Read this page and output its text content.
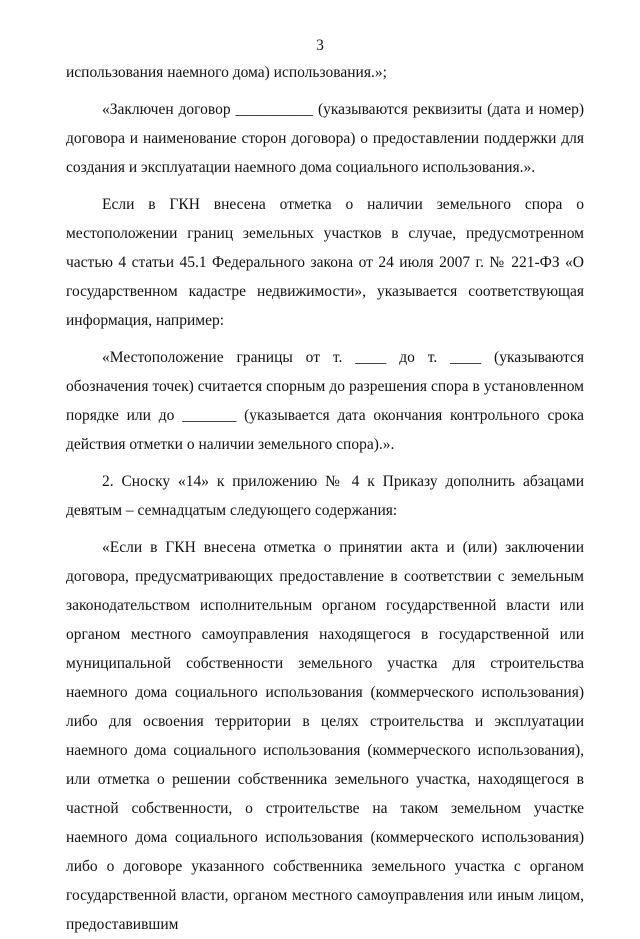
3

использования наемного дома) использования.»;

«Заключен договор __________ (указываются реквизиты (дата и номер) договора и наименование сторон договора) о предоставлении поддержки для создания и эксплуатации наемного дома социального использования.».

Если в ГКН внесена отметка о наличии земельного спора о местоположении границ земельных участков в случае, предусмотренном частью 4 статьи 45.1 Федерального закона от 24 июля 2007 г. № 221-ФЗ «О государственном кадастре недвижимости», указывается соответствующая информация, например:

«Местоположение границы от т. ____ до т. ____ (указываются обозначения точек) считается спорным до разрешения спора в установленном порядке или до _______ (указывается дата окончания контрольного срока действия отметки о наличии земельного спора).».

2. Сноску «14» к приложению № 4 к Приказу дополнить абзацами девятым – семнадцатым следующего содержания:

«Если в ГКН внесена отметка о принятии акта и (или) заключении договора, предусматривающих предоставление в соответствии с земельным законодательством исполнительным органом государственной власти или органом местного самоуправления находящегося в государственной или муниципальной собственности земельного участка для строительства наемного дома социального использования (коммерческого использования) либо для освоения территории в целях строительства и эксплуатации наемного дома социального использования (коммерческого использования), или отметка о решении собственника земельного участка, находящегося в частной собственности, о строительстве на таком земельном участке наемного дома социального использования (коммерческого использования) либо о договоре указанного собственника земельного участка с органом государственной власти, органом местного самоуправления или иным лицом, предоставившим
